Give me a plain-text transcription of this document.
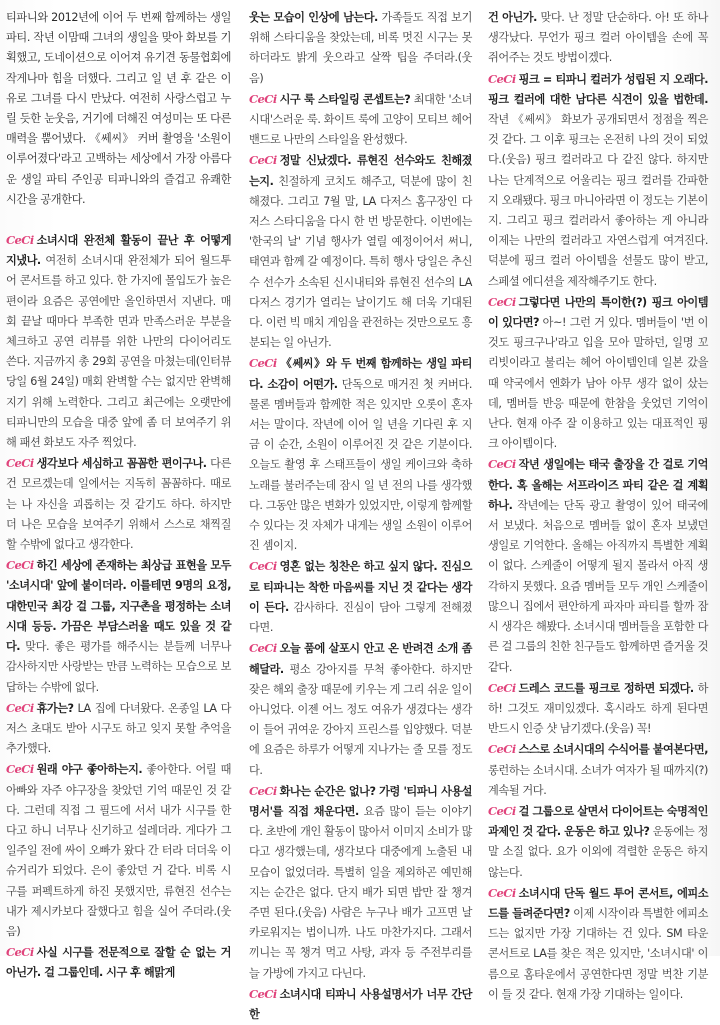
티파니와 2012년에 이어 두 번째 함께하는 생일 파티. 작년 이맘때 그녀의 생일을 맞아 화보를 기획했고, 도네이션으로 이어져 유기견 동물협회에 작게나마 힘을 더했다. 그리고 일 년 후 같은 이유로 그녀를 다시 만났다. 여전히 사랑스럽고 누릴 듯한 눈웃음, 거기에 더해진 여성미는 또 다른 매력을 뿜어냈다. 《쎄씨》 커버 촬영을 '소원이 이루어졌다'라고 고백하는 세상에서 가장 아름다운 생일 파티 주인공 티파니와의 즐겁고 유쾌한 시간을 공개한다.

CeCi 소녀시대 완전체 활동이 끝난 후 어떻게 지냈나. 여전히 소녀시대 완전체가 되어 월드투어 콘서트를 하고 있다. 한 가지에 몰입도가 높은 편이라 요즘은 공연에만 올인하면서 지낸다. 매회 끝날 때마다 부족한 면과 만족스러운 부분을 체크하고 공연 리뷰를 위한 나만의 다이어리도 쓴다. 지금까지 총 29회 공연을 마쳤는데(인터뷰 당일 6월 24일) 매회 완벽할 수는 없지만 완벽해지기 위해 노력한다. 그리고 최근에는 오랫만에 티파니만의 모습을 대중 앞에 좀 더 보여주기 위해 패션 화보도 자주 찍었다.

CeCi 생각보다 세심하고 꼼꼼한 편이구나. 다른 건 모르겠는데 일에서는 지독히 꼼꼼하다. 때로는 나 자신을 괴롭히는 것 같기도 하다. 하지만 더 나은 모습을 보여주기 위해서 스스로 채찍질할 수밖에 없다고 생각한다.

CeCi 하긴 세상에 존재하는 최상급 표현을 모두 '소녀시대' 앞에 붙이더라. 이를테면 9명의 요정, 대한민국 최강 걸 그룹, 지구촌을 평정하는 소녀시대 등등. 가끔은 부담스러울 때도 있을 것 같다. 맞다. 좋은 평가를 해주시는 분들께 너무나 감사하지만 사랑받는 만큼 노력하는 모습으로 보답하는 수밖에 없다.

CeCi 휴가는? LA 집에 다녀왔다. 온종일 LA 다저스 초대도 받아 시구도 하고 잊지 못할 추억을 추가했다.

CeCi 원래 야구 좋아하는지. 좋아한다. 어릴 때 아빠와 자주 야구장을 찾았던 기억 때문인 것 같다. 그런데 직접 그 필드에 서서 내가 시구를 한다고 하니 너무나 신기하고 설레더라. 게다가 그 일주일 전에 싸이 오빠가 왔다 간 터라 더더욱 이슈거리가 되었다. 은이 좋았던 거 같다. 비록 시구를 퍼펙트하게 하진 못했지만, 류현진 선수는 내가 제시카보다 잘했다고 힘을 실어 주더라.(웃음)

CeCi 사실 시구를 전문적으로 잘할 순 없는 거 아닌가. 걸 그룹인데. 시구 후 해맑게

웃는 모습이 인상에 남는다. 가족들도 직접 보기 위해 스타디움을 찾았는데, 비록 멋진 시구는 못하더라도 밝게 웃으라고 살짝 팁을 주더라.(웃음)

CeCi 시구 룩 스타일링 콘셉트는? 최대한 '소녀시대'스러운 룩. 화이트 룩에 고양이 모티브 헤어밴드로 나만의 스타일을 완성했다.

CeCi 정말 신났겠다. 류현진 선수와도 친해졌는지. 친절하게 코치도 해주고, 덕분에 많이 친해졌다. 그리고 7월 말, LA 다저스 홈구장인 다저스 스타디움을 다시 한 번 방문한다. 이번에는 '한국의 날' 기념 행사가 열릴 예정이어서 써니, 태연과 함께 갈 예정이다. 특히 행사 당일은 추신수 선수가 소속된 신시내티와 류현진 선수의 LA 다저스 경기가 열리는 날이기도 해 더욱 기대된다. 이런 빅 매치 게임을 관전하는 것만으로도 흥분되는 일 아닌가.

CeCi 《쎄씨》와 두 번째 함께하는 생일 파티다. 소감이 어떤가. 단독으로 매거진 첫 커버다. 물론 멤버들과 함께한 적은 있지만 오롯이 혼자서는 말이다. 작년에 이어 일 년을 기다린 후 지금 이 순간, 소원이 이루어진 것 같은 기분이다. 오늘도 촬영 후 스태프들이 생일 케이크와 축하 노래를 불러주는데 잠시 일 년 전의 나를 생각했다. 그동안 많은 변화가 있었지만, 이렇게 함께할 수 있다는 것 자체가 내게는 생일 소원이 이루어진 셈이지.

CeCi 영혼 없는 칭찬은 하고 싶지 않다. 진심으로 티파니는 착한 마음씨를 지닌 것 같다는 생각이 든다. 감사하다. 진심이 담아 그렇게 전해졌다면.

CeCi 오늘 품에 살포시 안고 온 반려견 소개 좀 해달라. 평소 강아지를 무척 좋아한다. 하지만 잦은 해외 출장 때문에 키우는 게 그리 쉬운 일이 아니었다. 이젠 어느 정도 여유가 생겼다는 생각이 들어 귀여운 강아지 프린스를 입양했다. 덕분에 요즘은 하루가 어떻게 지나가는 줄 모를 정도다.

CeCi 화나는 순간은 없나? 가령 '티파니 사용설명서'를 직접 채운다면. 요즘 많이 듣는 이야기다. 초반에 개인 활동이 많아서 이미지 소비가 많다고 생각했는데, 생각보다 대중에게 노출된 내 모습이 없었더라. 특별히 일을 제외하곤 예민해지는 순간은 없다. 단지 배가 되면 밥만 잘 챙겨주면 된다.(웃음) 사람은 누구나 배가 고프면 날카로워지는 법이니까. 나도 마찬가지다. 그래서 끼니는 꼭 챙겨 먹고 사탕, 과자 등 주전부리를 늘 가방에 가지고 다닌다.

CeCi 소녀시대 티파니 사용설명서가 너무 간단한

건 아닌가. 맞다. 난 정말 단순하다. 아! 또 하나 생각났다. 무언가 핑크 컬러 아이템을 손에 꼭 쥐어주는 것도 방법이겠다.

CeCi 핑크 = 티파니 컬러가 성립된 지 오래다. 핑크 컬러에 대한 남다른 식견이 있을 법한데. 작년 《쎄씨》 화보가 공개되면서 정점을 찍은 것 같다. 그 이후 핑크는 온전히 나의 것이 되었다.(웃음) 핑크 컬러라고 다 같진 않다. 하지만 나는 단계적으로 어울리는 핑크 컬러를 간파한 지 오래됐다. 핑크 마니아라면 이 정도는 기본이지. 그리고 핑크 컬러라서 좋아하는 게 아니라 이제는 나만의 컬러라고 자연스럽게 여겨진다. 덕분에 핑크 컬러 아이템을 선물도 많이 받고, 스페셜 에디션을 제작해주기도 한다.

CeCi 그렇다면 나만의 특이한(?) 핑크 아이템이 있다면? 아~! 그런 거 있다. 멤버들이 '번 이것도 핑크구나'라고 입을 모아 말하던, 일명 꼬리빗이라고 불리는 헤어 아이템인데 일본 갔을 때 약국에서 엔화가 남아 아무 생각 없이 샀는데, 멤버들 반응 때문에 한참을 웃었던 기억이 난다. 현재 아주 잘 이용하고 있는 대표적인 핑크 아이템이다.

CeCi 작년 생일에는 태국 출장을 간 걸로 기억한다. 혹 올해는 서프라이즈 파티 같은 걸 계획하나. 작년에는 단독 광고 촬영이 있어 태국에서 보냈다. 처음으로 멤버들 없이 혼자 보냈던 생일로 기억한다. 올해는 아직까지 특별한 계획이 없다. 스케줄이 어떻게 될지 몰라서 아직 생각하지 못했다. 요즘 멤버들 모두 개인 스케줄이 많으니 집에서 편안하게 파자마 파티를 할까 잠시 생각은 해봤다. 소녀시대 멤버들을 포함한 다른 걸 그룹의 친한 친구들도 함께하면 즐거울 것 같다.

CeCi 드레스 코드를 핑크로 정하면 되겠다. 하하! 그것도 재미있겠다. 혹시라도 하게 된다면 반드시 인증 샷 남기겠다.(웃음) 꼭!

CeCi 스스로 소녀시대의 수식어를 붙여본다면, 롱런하는 소녀시대. 소녀가 여자가 될 때까지(?) 계속될 거다.

CeCi 걸 그룹으로 살면서 다이어트는 숙명적인 과제인 것 같다. 운동은 하고 있나? 운동에는 정말 소질 없다. 요가 이외에 격렬한 운동은 하지 않는다.

CeCi 소녀시대 단독 월드 투어 콘서트, 에피소드를 들려준다면? 이제 시작이라 특별한 에피소드는 없지만 가장 기대하는 건 있다. SM 타운 콘서트로 LA를 찾은 적은 있지만, '소녀시대' 이름으로 홈타운에서 공연한다면 정말 벅찬 기분이 들 것 같다. 현재 가장 기대하는 일이다.
